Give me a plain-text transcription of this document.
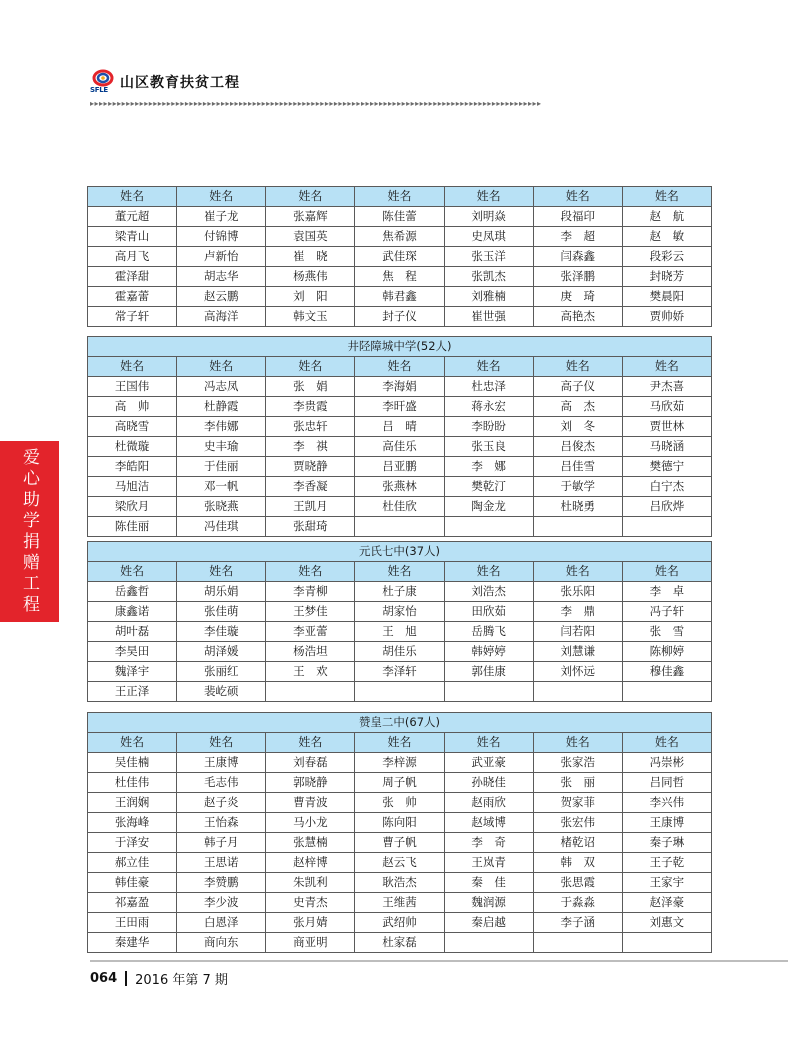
SFLE 山区教育扶贫工程
▸▸▸▸▸▸▸▸▸▸▸▸▸▸▸▸▸▸▸▸▸▸▸▸▸▸▸▸▸▸▸▸▸▸▸▸▸▸▸▸▸▸▸▸▸▸▸▸▸▸▸▸▸▸▸▸▸▸▸▸▸▸▸▸▸▸▸▸▸▸▸▸▸▸▸▸▸▸▸▸▸▸▸▸▸▸▸▸▸▸▸▸▸▸▸▸▸▸▸▸
爱心助学捐赠工程
姓名	姓名	姓名	姓名	姓名	姓名	姓名
董元超	崔子龙	张嘉辉	陈佳蕾	刘明焱	段福印	赵　航
梁青山	付锦博	袁国英	焦希源	史凤琪	李　超	赵　敏
高月飞	卢新怡	崔　晓	武佳琛	张玉洋	闫森鑫	段彩云
霍泽甜	胡志华	杨燕伟	焦　程	张凯杰	张泽鹏	封晓芳
霍嘉蕾	赵云鹏	刘　阳	韩君鑫	刘雅楠	庚　琦	樊晨阳
常子轩	高海洋	韩文玉	封子仪	崔世强	高艳杰	贾帅娇
井陉障城中学(52人)						
姓名	姓名	姓名	姓名	姓名	姓名	姓名
王国伟	冯志凤	张　娟	李海娟	杜忠泽	高子仪	尹杰喜
高　帅	杜静霞	李贵霞	李旰盛	蒋永宏	高　杰	马欣茹
高晓雪	李伟娜	张忠轩	吕　晴	李盼盼	刘　冬	贾世林
杜微璇	史丰瑜	李　祺	高佳乐	张玉良	吕俊杰	马晓涵
李皓阳	于佳丽	贾晓静	吕亚鹏	李　娜	吕佳雪	樊德宁
马旭洁	邓一帆	李香凝	张燕林	樊乾汀	于敏学	白宁杰
梁欣月	张晓燕	王凯月	杜佳欣	陶金龙	杜晓勇	吕欣烨
陈佳丽	冯佳琪	张甜琦				
元氏七中(37人)						
姓名	姓名	姓名	姓名	姓名	姓名	姓名
岳鑫哲	胡乐娟	李青柳	杜子康	刘浩杰	张乐阳	李　卓
康鑫诺	张佳萌	王梦佳	胡家怡	田欣茹	李　鼎	冯子轩
胡叶磊	李佳璇	李亚蕾	王　旭	岳腾飞	闫若阳	张　雪
李昊田	胡泽媛	杨浩坦	胡佳乐	韩婷婷	刘慧谦	陈柳婷
魏泽宇	张丽红	王　欢	李泽轩	郭佳康	刘怀远	穆佳鑫
王正泽	裴屹硕					
赞皇二中(67人)						
姓名	姓名	姓名	姓名	姓名	姓名	姓名
吴佳楠	王康博	刘春磊	李梓源	武亚豪	张家浩	冯崇彬
杜佳伟	毛志伟	郭晓静	周子帆	孙晓佳	张　丽	吕同哲
王润娴	赵子炎	曹青波	张　帅	赵雨欣	贺家菲	李兴伟
张海峰	王怡森	马小龙	陈向阳	赵域博	张宏伟	王康博
于泽安	韩子月	张慧楠	曹子帆	李　奇	楮乾诏	秦子琳
郝立佳	王思诺	赵梓博	赵云飞	王岚青	韩　双	王子乾
韩佳豪	李赞鹏	朱凯利	耿浩杰	秦　佳	张思霞	王家宇
祁嘉盈	李少波	史青杰	王维茜	魏润源	于淼淼	赵泽豪
王田雨	白恩泽	张月婧	武绍帅	秦启越	李子涵	刘惠文
秦建华	商向东	商亚明	杜家磊			
064 2016 年第 7 期
